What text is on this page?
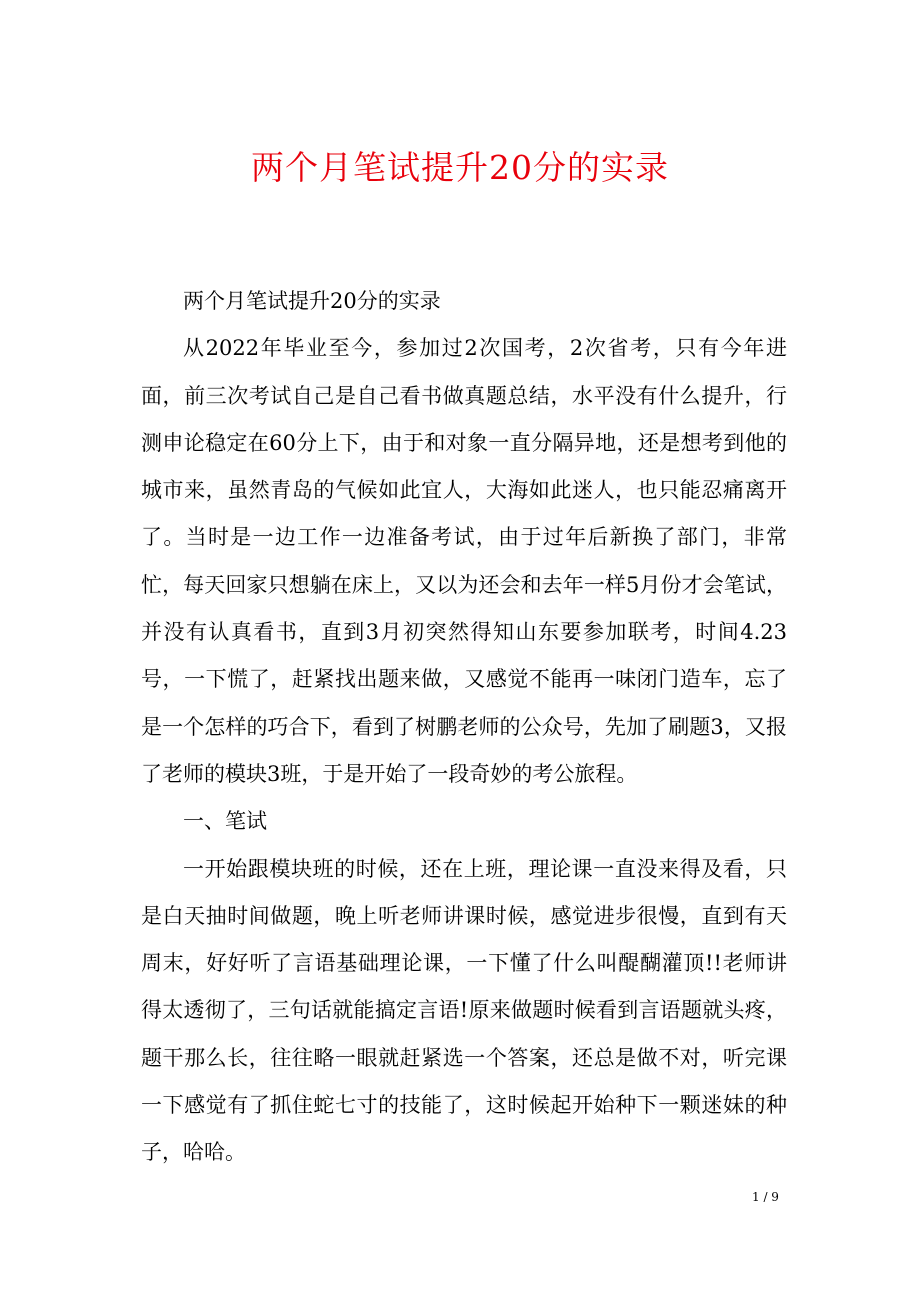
两个月笔试提升20分的实录

两个月笔试提升20分的实录

从2022年毕业至今，参加过2次国考，2次省考，只有今年进面，前三次考试自己是自己看书做真题总结，水平没有什么提升，行测申论稳定在60分上下，由于和对象一直分隔异地，还是想考到他的城市来，虽然青岛的气候如此宜人，大海如此迷人，也只能忍痛离开了。当时是一边工作一边准备考试，由于过年后新换了部门，非常忙，每天回家只想躺在床上，又以为还会和去年一样5月份才会笔试，并没有认真看书，直到3月初突然得知山东要参加联考，时间4.23号，一下慌了，赶紧找出题来做，又感觉不能再一味闭门造车，忘了是一个怎样的巧合下，看到了树鹏老师的公众号，先加了刷题3，又报了老师的模块3班，于是开始了一段奇妙的考公旅程。

一、笔试

一开始跟模块班的时候，还在上班，理论课一直没来得及看，只是白天抽时间做题，晚上听老师讲课时候，感觉进步很慢，直到有天周末，好好听了言语基础理论课，一下懂了什么叫醍醐灌顶!!老师讲得太透彻了，三句话就能搞定言语!原来做题时候看到言语题就头疼，题干那么长，往往略一眼就赶紧选一个答案，还总是做不对，听完课一下感觉有了抓住蛇七寸的技能了，这时候起开始种下一颗迷妹的种子，哈哈。

1 / 9
